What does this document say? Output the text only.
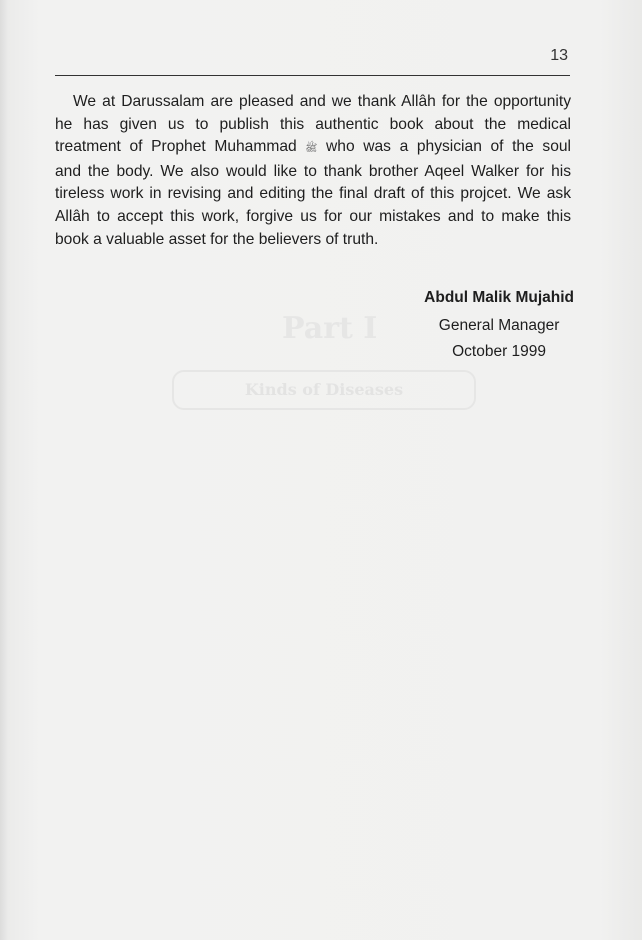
Part I
Kinds of Diseases
13
We at Darussalam are pleased and we thank Allâh for the opportunity
he has given us to publish this authentic book about the medical
treatment of Prophet Muhammad ﷺ who was a physician of the soul
and the body. We also would like to thank brother Aqeel Walker for his
tireless work in revising and editing the final draft of this projcet. We ask
Allâh to accept this work, forgive us for our mistakes and to make this
book a valuable asset for the believers of truth.
Abdul Malik Mujahid
General Manager
October 1999
